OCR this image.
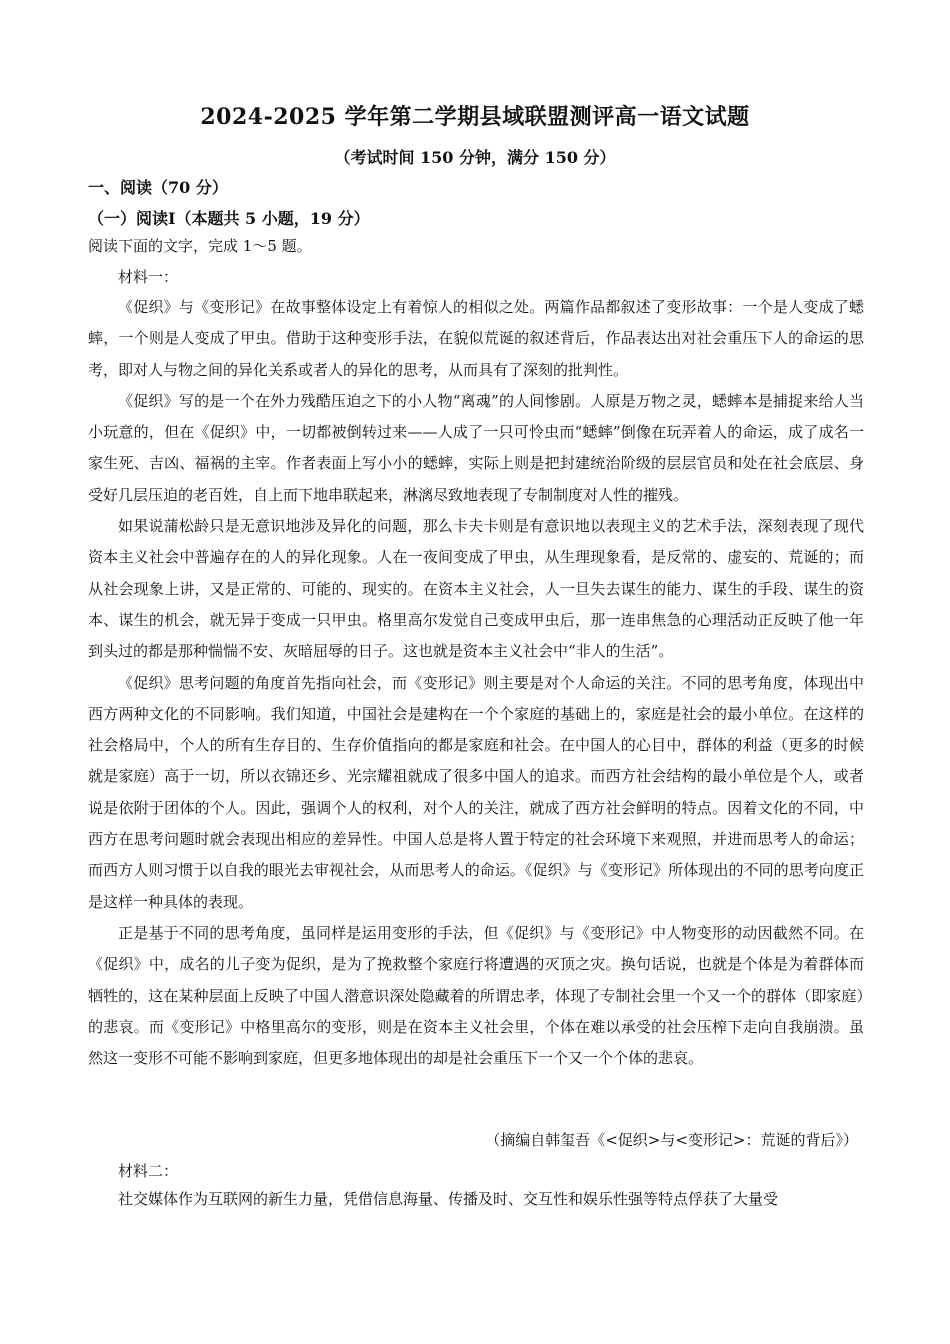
2024-2025 学年第二学期县域联盟测评高一语文试题
（考试时间 150 分钟，满分 150 分）
一、阅读（70 分）
（一）阅读Ⅰ（本题共 5 小题，19 分）
阅读下面的文字，完成 1～5 题。
材料一：

《促织》与《变形记》在故事整体设定上有着惊人的相似之处。两篇作品都叙述了变形故事：一个是人变成了蟋蟀，一个则是人变成了甲虫。借助于这种变形手法，在貌似荒诞的叙述背后，作品表达出对社会重压下人的命运的思考，即对人与物之间的异化关系或者人的异化的思考，从而具有了深刻的批判性。

《促织》写的是一个在外力残酷压迫之下的小人物“离魂”的人间惨剧。人原是万物之灵，蟋蟀本是捕捉来给人当小玩意的，但在《促织》中，一切都被倒转过来——人成了一只可怜虫而“蟋蟀”倒像在玩弄着人的命运，成了成名一家生死、吉凶、福祸的主宰。作者表面上写小小的蟋蟀，实际上则是把封建统治阶级的层层官员和处在社会底层、身受好几层压迫的老百姓，自上而下地串联起来，淋漓尽致地表现了专制制度对人性的摧残。

如果说蒲松龄只是无意识地涉及异化的问题，那么卡夫卡则是有意识地以表现主义的艺术手法，深刻表现了现代资本主义社会中普遍存在的人的异化现象。人在一夜间变成了甲虫，从生理现象看，是反常的、虚妄的、荒诞的；而从社会现象上讲，又是正常的、可能的、现实的。在资本主义社会，人一旦失去谋生的能力、谋生的手段、谋生的资本、谋生的机会，就无异于变成一只甲虫。格里高尔发觉自己变成甲虫后，那一连串焦急的心理活动正反映了他一年到头过的都是那种惴惴不安、灰暗屈辱的日子。这也就是资本主义社会中“非人的生活”。

《促织》思考问题的角度首先指向社会，而《变形记》则主要是对个人命运的关注。不同的思考角度，体现出中西方两种文化的不同影响。我们知道，中国社会是建构在一个个家庭的基础上的，家庭是社会的最小单位。在这样的社会格局中，个人的所有生存目的、生存价值指向的都是家庭和社会。在中国人的心目中，群体的利益（更多的时候就是家庭）高于一切，所以衣锦还乡、光宗耀祖就成了很多中国人的追求。而西方社会结构的最小单位是个人，或者说是依附于团体的个人。因此，强调个人的权利，对个人的关注，就成了西方社会鲜明的特点。因着文化的不同，中西方在思考问题时就会表现出相应的差异性。中国人总是将人置于特定的社会环境下来观照，并进而思考人的命运；而西方人则习惯于以自我的眼光去审视社会，从而思考人的命运。《促织》与《变形记》所体现出的不同的思考向度正是这样一种具体的表现。

正是基于不同的思考角度，虽同样是运用变形的手法，但《促织》与《变形记》中人物变形的动因截然不同。在《促织》中，成名的儿子变为促织，是为了挽救整个家庭行将遭遇的灭顶之灾。换句话说，也就是个体是为着群体而牺牲的，这在某种层面上反映了中国人潜意识深处隐藏着的所谓忠孝，体现了专制社会里一个又一个的群体（即家庭）的悲哀。而《变形记》中格里高尔的变形，则是在资本主义社会里，个体在难以承受的社会压榨下走向自我崩溃。虽然这一变形不可能不影响到家庭，但更多地体现出的却是社会重压下一个又一个个体的悲哀。

（摘编自韩玺吾《<促织>与<变形记>：荒诞的背后》）
材料二：
社交媒体作为互联网的新生力量，凭借信息海量、传播及时、交互性和娱乐性强等特点俘获了大量受
